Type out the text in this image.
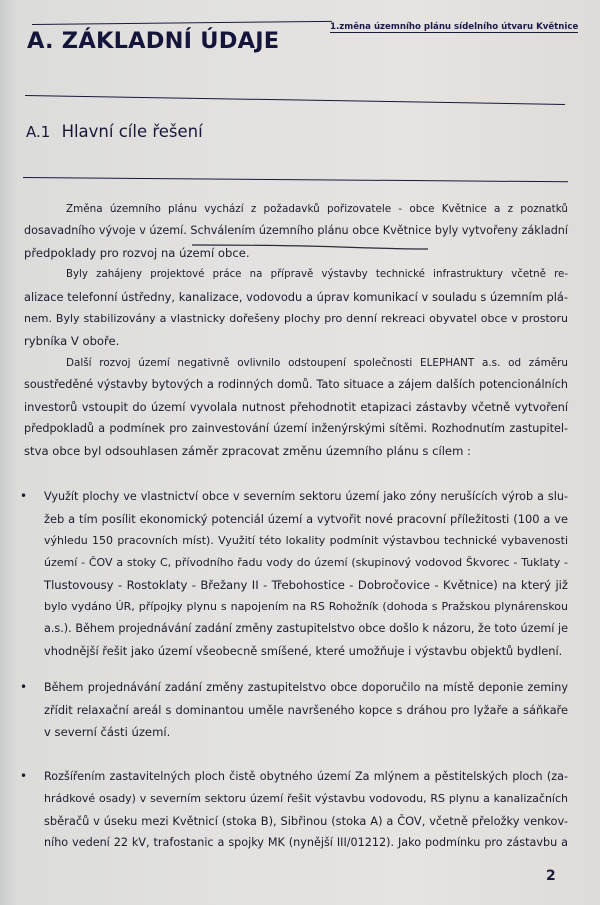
1.změna územního plánu sídelního útvaru Květnice
A. ZÁKLADNÍ ÚDAJE
A.1 Hlavní cíle řešení
Změna územního plánu vychází z požadavků pořizovatele - obce Květnice a z poznatků
dosavadního vývoje v území. Schválením územního plánu obce Květnice byly vytvořeny základní
předpoklady pro rozvoj na území obce.
Byly zahájeny projektové práce na přípravě výstavby technické infrastruktury včetně re-
alizace telefonní ústředny, kanalizace, vodovodu a úprav komunikací v souladu s územním plá-
nem. Byly stabilizovány a vlastnicky dořešeny plochy pro denní rekreaci obyvatel obce v prostoru
rybníka V oboře.
Další rozvoj území negativně ovlivnilo odstoupení společnosti ELEPHANT a.s. od záměru
soustředěné výstavby bytových a rodinných domů. Tato situace a zájem dalších potencionálních
investorů vstoupit do území vyvolala nutnost přehodnotit etapizaci zástavby včetně vytvoření
předpokladů a podmínek pro zainvestování území inženýrskými sítěmi. Rozhodnutím zastupitel-
stva obce byl odsouhlasen záměr zpracovat změnu územního plánu s cílem :
• Využít plochy ve vlastnictví obce v severním sektoru území jako zóny nerušících výrob a slu-
žeb a tím posílit ekonomický potenciál území a vytvořit nové pracovní příležitosti (100 a ve
výhledu 150 pracovních míst). Využití této lokality podmínit výstavbou technické vybavenosti
území - ČOV a stoky C, přívodního řadu vody do území (skupinový vodovod Škvorec - Tuklaty -
Tlustovousy - Rostoklaty - Břežany II - Třebohostice - Dobročovice - Květnice) na který již
bylo vydáno ÚR, přípojky plynu s napojením na RS Rohožník (dohoda s Pražskou plynárenskou
a.s.). Během projednávání zadání změny zastupitelstvo obce došlo k názoru, že toto území je
vhodnější řešit jako území všeobecně smíšené, které umožňuje i výstavbu objektů bydlení.
• Během projednávání zadání změny zastupitelstvo obce doporučilo na místě deponie zeminy
zřídit relaxační areál s dominantou uměle navršeného kopce s dráhou pro lyžaře a sáňkaře
v severní části území.
• Rozšířením zastavitelných ploch čistě obytného území Za mlýnem a pěstitelských ploch (za-
hrádkové osady) v severním sektoru území řešit výstavbu vodovodu, RS plynu a kanalizačních
sběračů v úseku mezi Květnicí (stoka B), Sibřinou (stoka A) a ČOV, včetně přeložky venkov-
ního vedení 22 kV, trafostanic a spojky MK (nynější III/01212). Jako podmínku pro zástavbu a
2
